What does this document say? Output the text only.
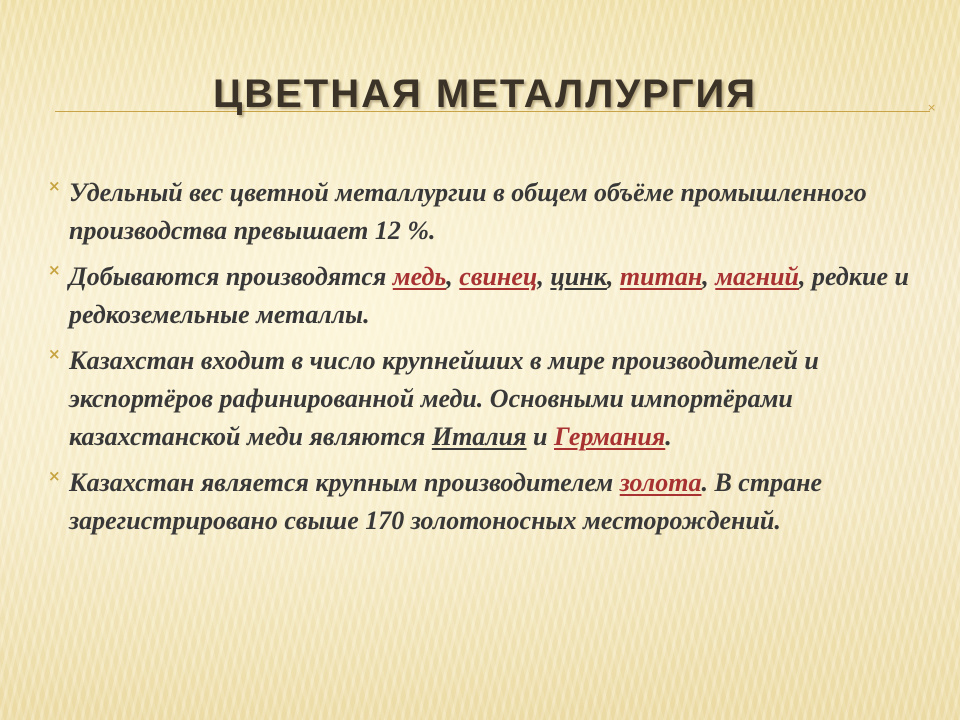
×
ЦВЕТНАЯ МЕТАЛЛУРГИЯ
× Удельный вес цветной металлургии в общем объёме промышленного производства превышает 12 %.
× Добываются производятся медь, свинец, цинк, титан, магний, редкие и редкоземельные металлы.
× Казахстан входит в число крупнейших в мире производителей и экспортёров рафинированной меди. Основными импортёрами казахстанской меди являются Италия и Германия.
× Казахстан является крупным производителем золота. В стране зарегистрировано свыше 170 золотоносных месторождений.
